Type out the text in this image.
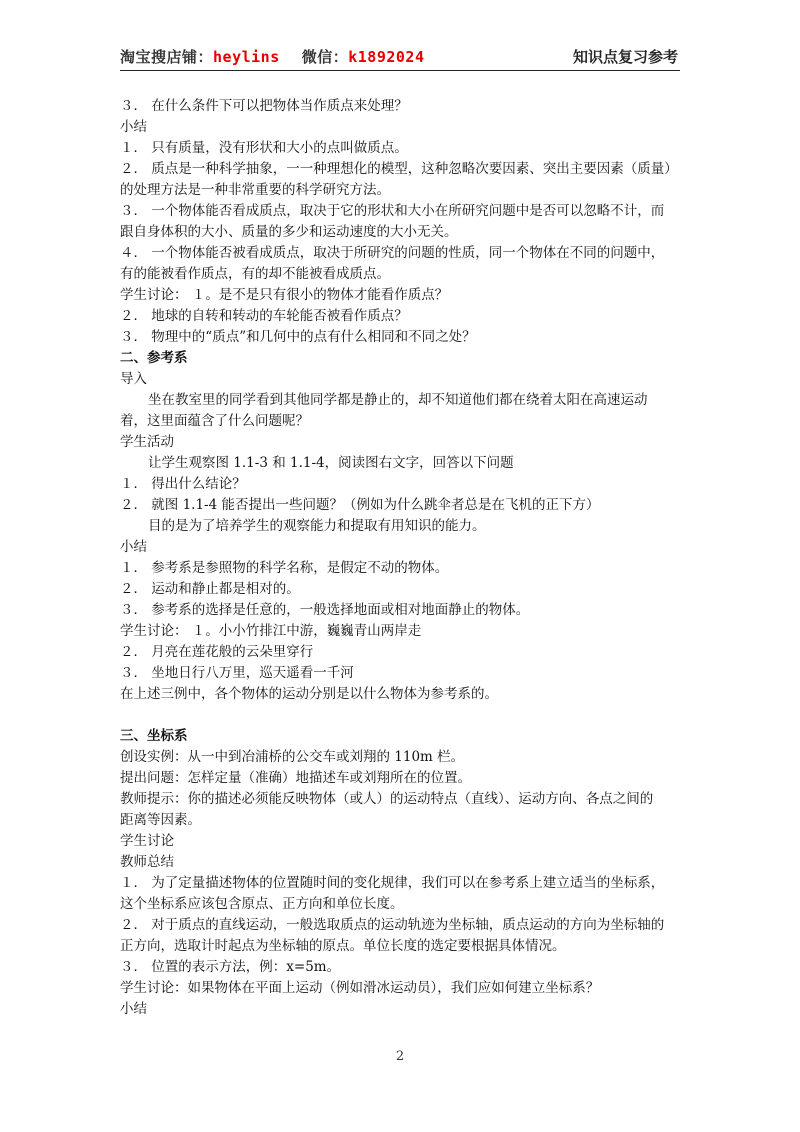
淘宝搜店铺：heylins 微信：k1892024	知识点复习参考
３． 在什么条件下可以把物体当作质点来处理？
小结
１． 只有质量，没有形状和大小的点叫做质点。
２． 质点是一种科学抽象，一一种理想化的模型，这种忽略次要因素、突出主要因素（质量）
的处理方法是一种非常重要的科学研究方法。
３． 一个物体能否看成质点，取决于它的形状和大小在所研究问题中是否可以忽略不计，而
跟自身体积的大小、质量的多少和运动速度的大小无关。
４． 一个物体能否被看成质点，取决于所研究的问题的性质，同一个物体在不同的问题中，
有的能被看作质点，有的却不能被看成质点。
学生讨论： １。是不是只有很小的物体才能看作质点？
２． 地球的自转和转动的车轮能否被看作质点？
３． 物理中的“质点”和几何中的点有什么相同和不同之处？
二、参考系
导入
坐在教室里的同学看到其他同学都是静止的，却不知道他们都在绕着太阳在高速运动
着，这里面蕴含了什么问题呢？
学生活动
让学生观察图 1.1-3 和 1.1-4，阅读图右文字，回答以下问题
１． 得出什么结论？
２． 就图 1.1-4 能否提出一些问题？（例如为什么跳伞者总是在飞机的正下方）
目的是为了培养学生的观察能力和提取有用知识的能力。
小结
１． 参考系是参照物的科学名称，是假定不动的物体。
２． 运动和静止都是相对的。
３． 参考系的选择是任意的，一般选择地面或相对地面静止的物体。
学生讨论： １。小小竹排江中游，巍巍青山两岸走
２． 月亮在莲花般的云朵里穿行
３． 坐地日行八万里，巡天遥看一千河
在上述三例中，各个物体的运动分别是以什么物体为参考系的。
三、坐标系
创设实例：从一中到冶浦桥的公交车或刘翔的 110m 栏。
提出问题：怎样定量（准确）地描述车或刘翔所在的位置。
教师提示：你的描述必须能反映物体（或人）的运动特点（直线）、运动方向、各点之间的
距离等因素。
学生讨论
教师总结
１． 为了定量描述物体的位置随时间的变化规律，我们可以在参考系上建立适当的坐标系，
这个坐标系应该包含原点、正方向和单位长度。
２． 对于质点的直线运动，一般选取质点的运动轨迹为坐标轴，质点运动的方向为坐标轴的
正方向，选取计时起点为坐标轴的原点。单位长度的选定要根据具体情况。
３． 位置的表示方法，例：x=5m。
学生讨论：如果物体在平面上运动（例如滑冰运动员），我们应如何建立坐标系？
小结
2
